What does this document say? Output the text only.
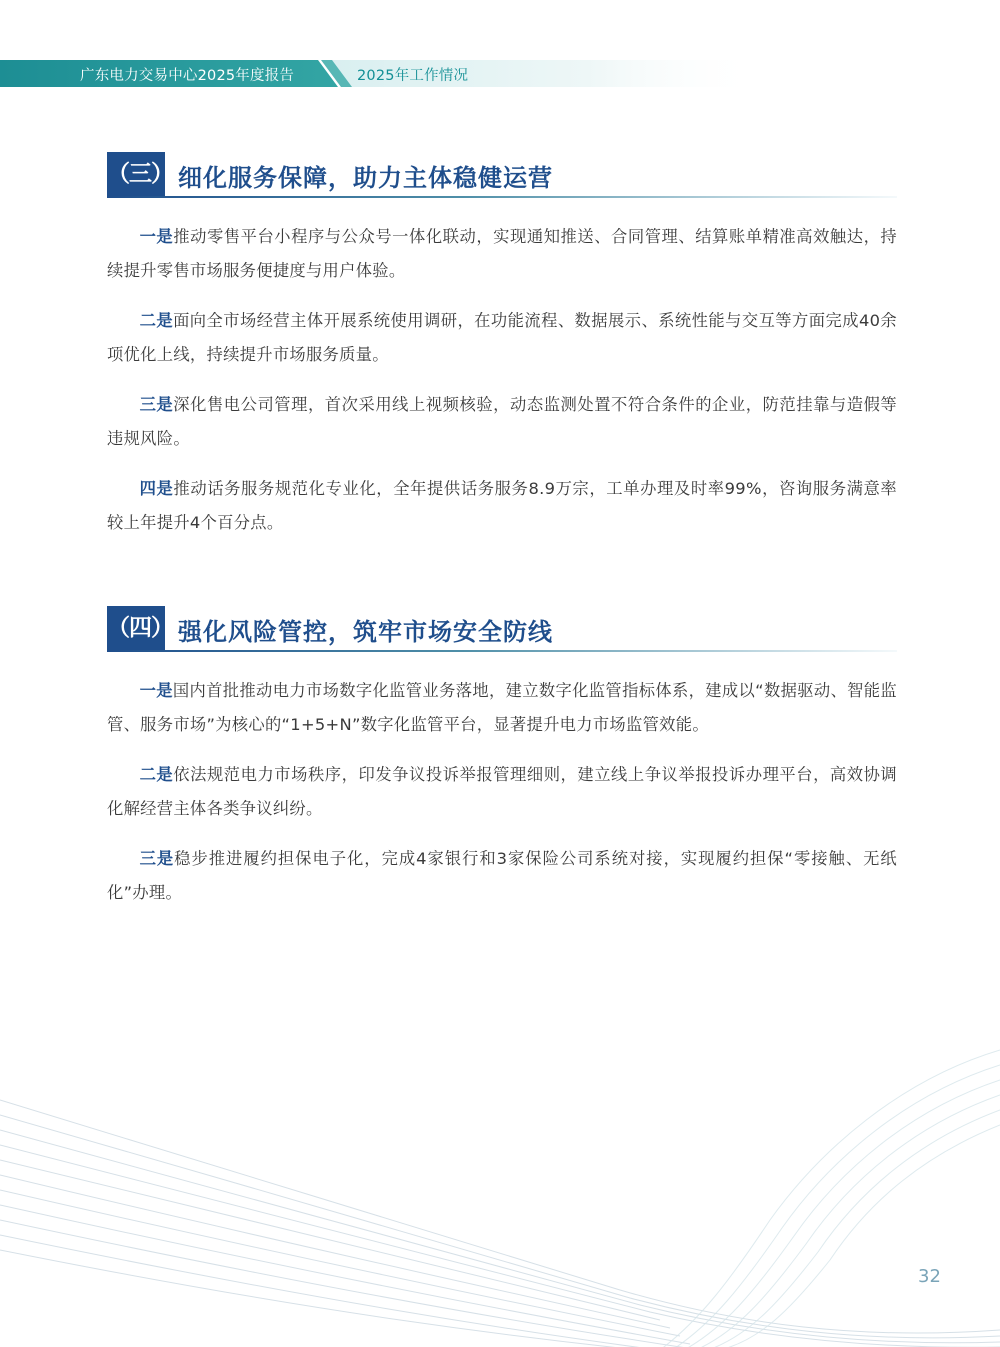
广东电力交易中心2025年度报告	2025年工作情况
（三） 细化服务保障，助力主体稳健运营

一是推动零售平台小程序与公众号一体化联动，实现通知推送、合同管理、结算账单精准高效触达，持续提升零售市场服务便捷度与用户体验。

二是面向全市场经营主体开展系统使用调研，在功能流程、数据展示、系统性能与交互等方面完成40余项优化上线，持续提升市场服务质量。

三是深化售电公司管理，首次采用线上视频核验，动态监测处置不符合条件的企业，防范挂靠与造假等违规风险。

四是推动话务服务规范化专业化，全年提供话务服务8.9万宗，工单办理及时率99%，咨询服务满意率较上年提升4个百分点。

（四） 强化风险管控，筑牢市场安全防线

一是国内首批推动电力市场数字化监管业务落地，建立数字化监管指标体系，建成以“数据驱动、智能监管、服务市场”为核心的“1+5+N”数字化监管平台，显著提升电力市场监管效能。

二是依法规范电力市场秩序，印发争议投诉举报管理细则，建立线上争议举报投诉办理平台，高效协调化解经营主体各类争议纠纷。

三是稳步推进履约担保电子化，完成4家银行和3家保险公司系统对接，实现履约担保“零接触、无纸化”办理。

32
